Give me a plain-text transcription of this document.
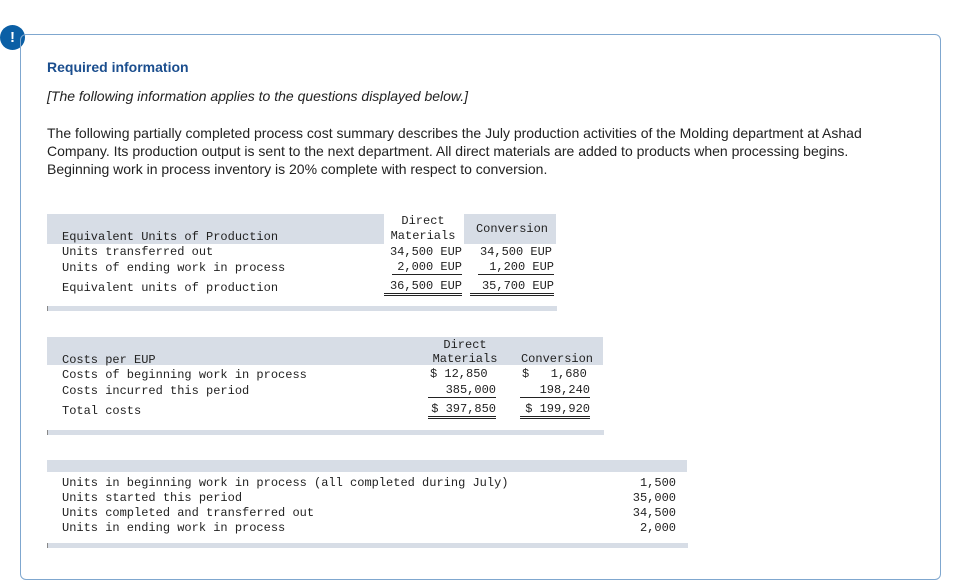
!
Required information
[The following information applies to the questions displayed below.]
The following partially completed process cost summary describes the July production activities of the Molding department at Ashad Company. Its production output is sent to the next department. All direct materials are added to products when processing begins. Beginning work in process inventory is 20% complete with respect to conversion.
Direct
Materials	Conversion
Equivalent Units of Production
Units transferred out	34,500 EUP	34,500 EUP
Units of ending work in process	2,000 EUP	1,200 EUP
Equivalent units of production	36,500 EUP	35,700 EUP
Direct
Materials	Conversion
Costs per EUP
Costs of beginning work in process	$ 12,850	$   1,680
Costs incurred this period	385,000	198,240
Total costs	$ 397,850	$ 199,920
Units in beginning work in process (all completed during July)	1,500
Units started this period	35,000
Units completed and transferred out	34,500
Units in ending work in process	2,000
